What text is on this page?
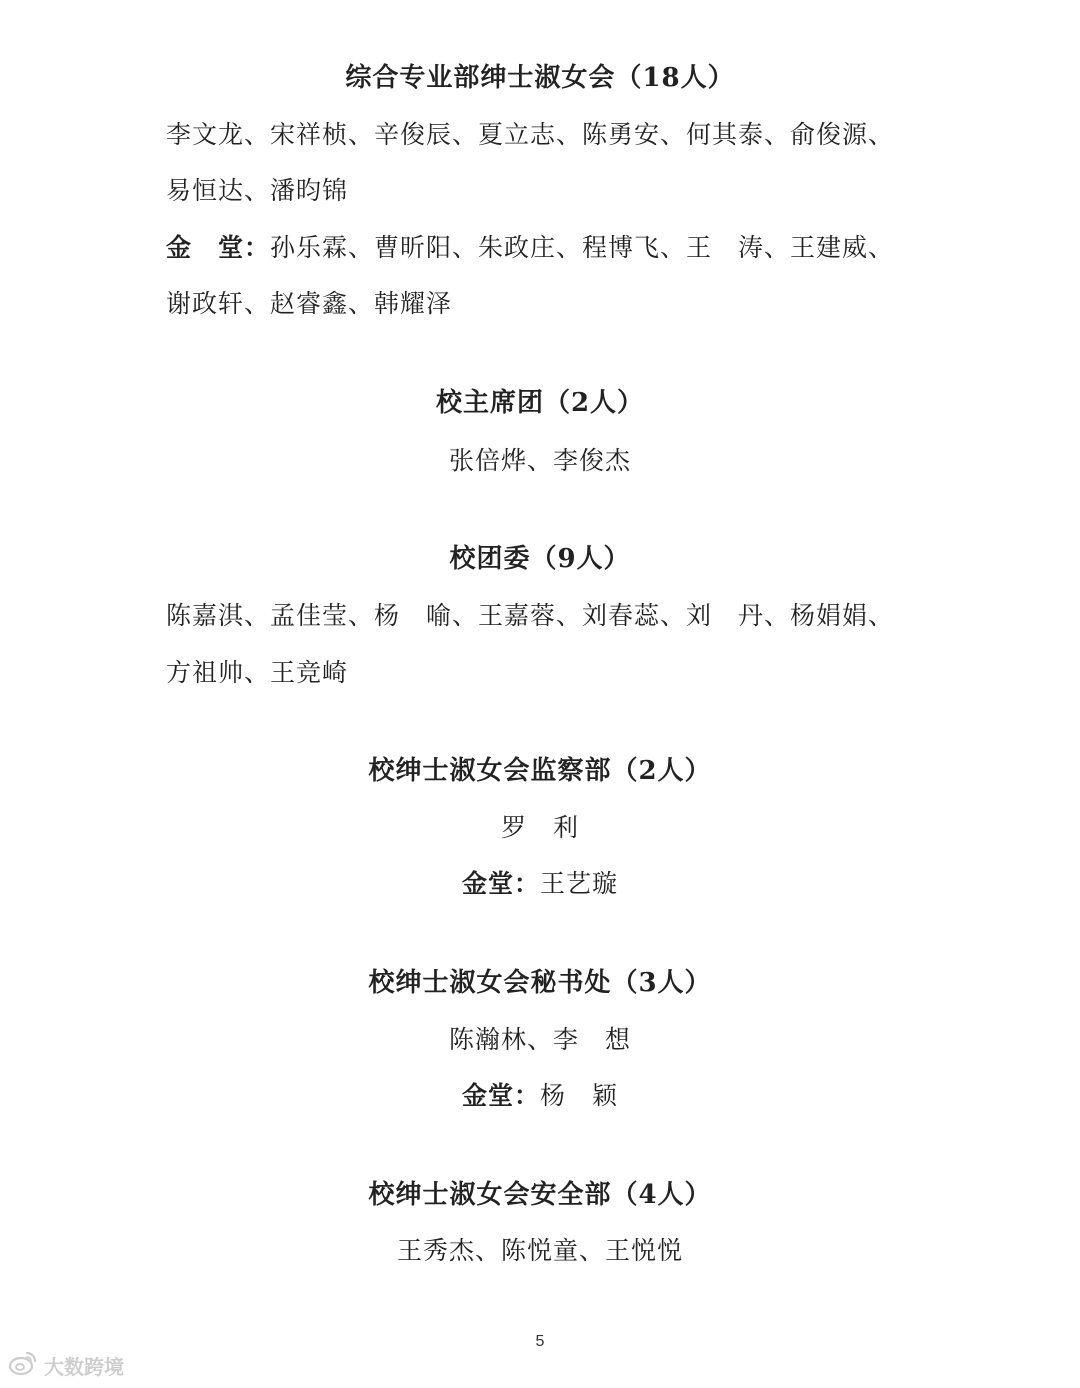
综合专业部绅士淑女会（18人）
李文龙、宋祥桢、辛俊辰、夏立志、陈勇安、何其泰、俞俊源、
易恒达、潘昀锦
金　堂：孙乐霖、曹昕阳、朱政庄、程博飞、王　涛、王建威、
谢政轩、赵睿鑫、韩耀泽
校主席团（2人）
张倍烨、李俊杰
校团委（9人）
陈嘉淇、孟佳莹、杨　喻、王嘉蓉、刘春蕊、刘　丹、杨娟娟、
方祖帅、王竞崎
校绅士淑女会监察部（2人）
罗　利
金堂：王艺璇
校绅士淑女会秘书处（3人）
陈瀚林、李　想
金堂：杨　颖
校绅士淑女会安全部（4人）
王秀杰、陈悦童、王悦悦
5
大数跨境
